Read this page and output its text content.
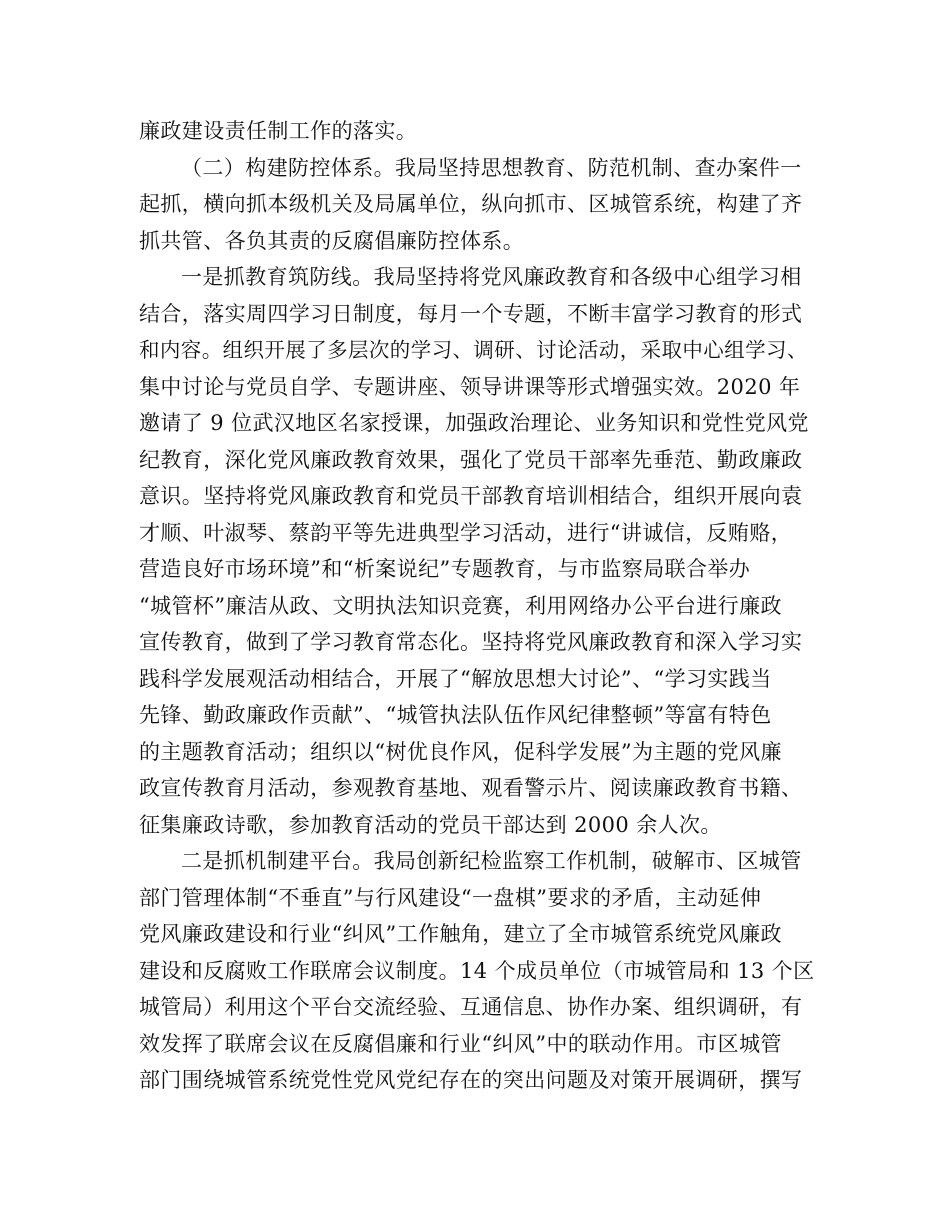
廉政建设责任制工作的落实。
（二）构建防控体系。我局坚持思想教育、防范机制、查办案件一
起抓，横向抓本级机关及局属单位，纵向抓市、区城管系统，构建了齐
抓共管、各负其责的反腐倡廉防控体系。
一是抓教育筑防线。我局坚持将党风廉政教育和各级中心组学习相
结合，落实周四学习日制度，每月一个专题，不断丰富学习教育的形式
和内容。组织开展了多层次的学习、调研、讨论活动，采取中心组学习、
集中讨论与党员自学、专题讲座、领导讲课等形式增强实效。2020 年
邀请了 9 位武汉地区名家授课，加强政治理论、业务知识和党性党风党
纪教育，深化党风廉政教育效果，强化了党员干部率先垂范、勤政廉政
意识。坚持将党风廉政教育和党员干部教育培训相结合，组织开展向袁
才顺、叶淑琴、蔡韵平等先进典型学习活动，进行“讲诚信，反贿赂，
营造良好市场环境”和“析案说纪”专题教育，与市监察局联合举办
“城管杯”廉洁从政、文明执法知识竞赛，利用网络办公平台进行廉政
宣传教育，做到了学习教育常态化。坚持将党风廉政教育和深入学习实
践科学发展观活动相结合，开展了“解放思想大讨论”、“学习实践当
先锋、勤政廉政作贡献”、“城管执法队伍作风纪律整顿”等富有特色
的主题教育活动；组织以“树优良作风，促科学发展”为主题的党风廉
政宣传教育月活动，参观教育基地、观看警示片、阅读廉政教育书籍、
征集廉政诗歌，参加教育活动的党员干部达到 2000 余人次。
二是抓机制建平台。我局创新纪检监察工作机制，破解市、区城管
部门管理体制“不垂直”与行风建设“一盘棋”要求的矛盾，主动延伸
党风廉政建设和行业“纠风”工作触角，建立了全市城管系统党风廉政
建设和反腐败工作联席会议制度。14 个成员单位（市城管局和 13 个区
城管局）利用这个平台交流经验、互通信息、协作办案、组织调研，有
效发挥了联席会议在反腐倡廉和行业“纠风”中的联动作用。市区城管
部门围绕城管系统党性党风党纪存在的突出问题及对策开展调研，撰写
